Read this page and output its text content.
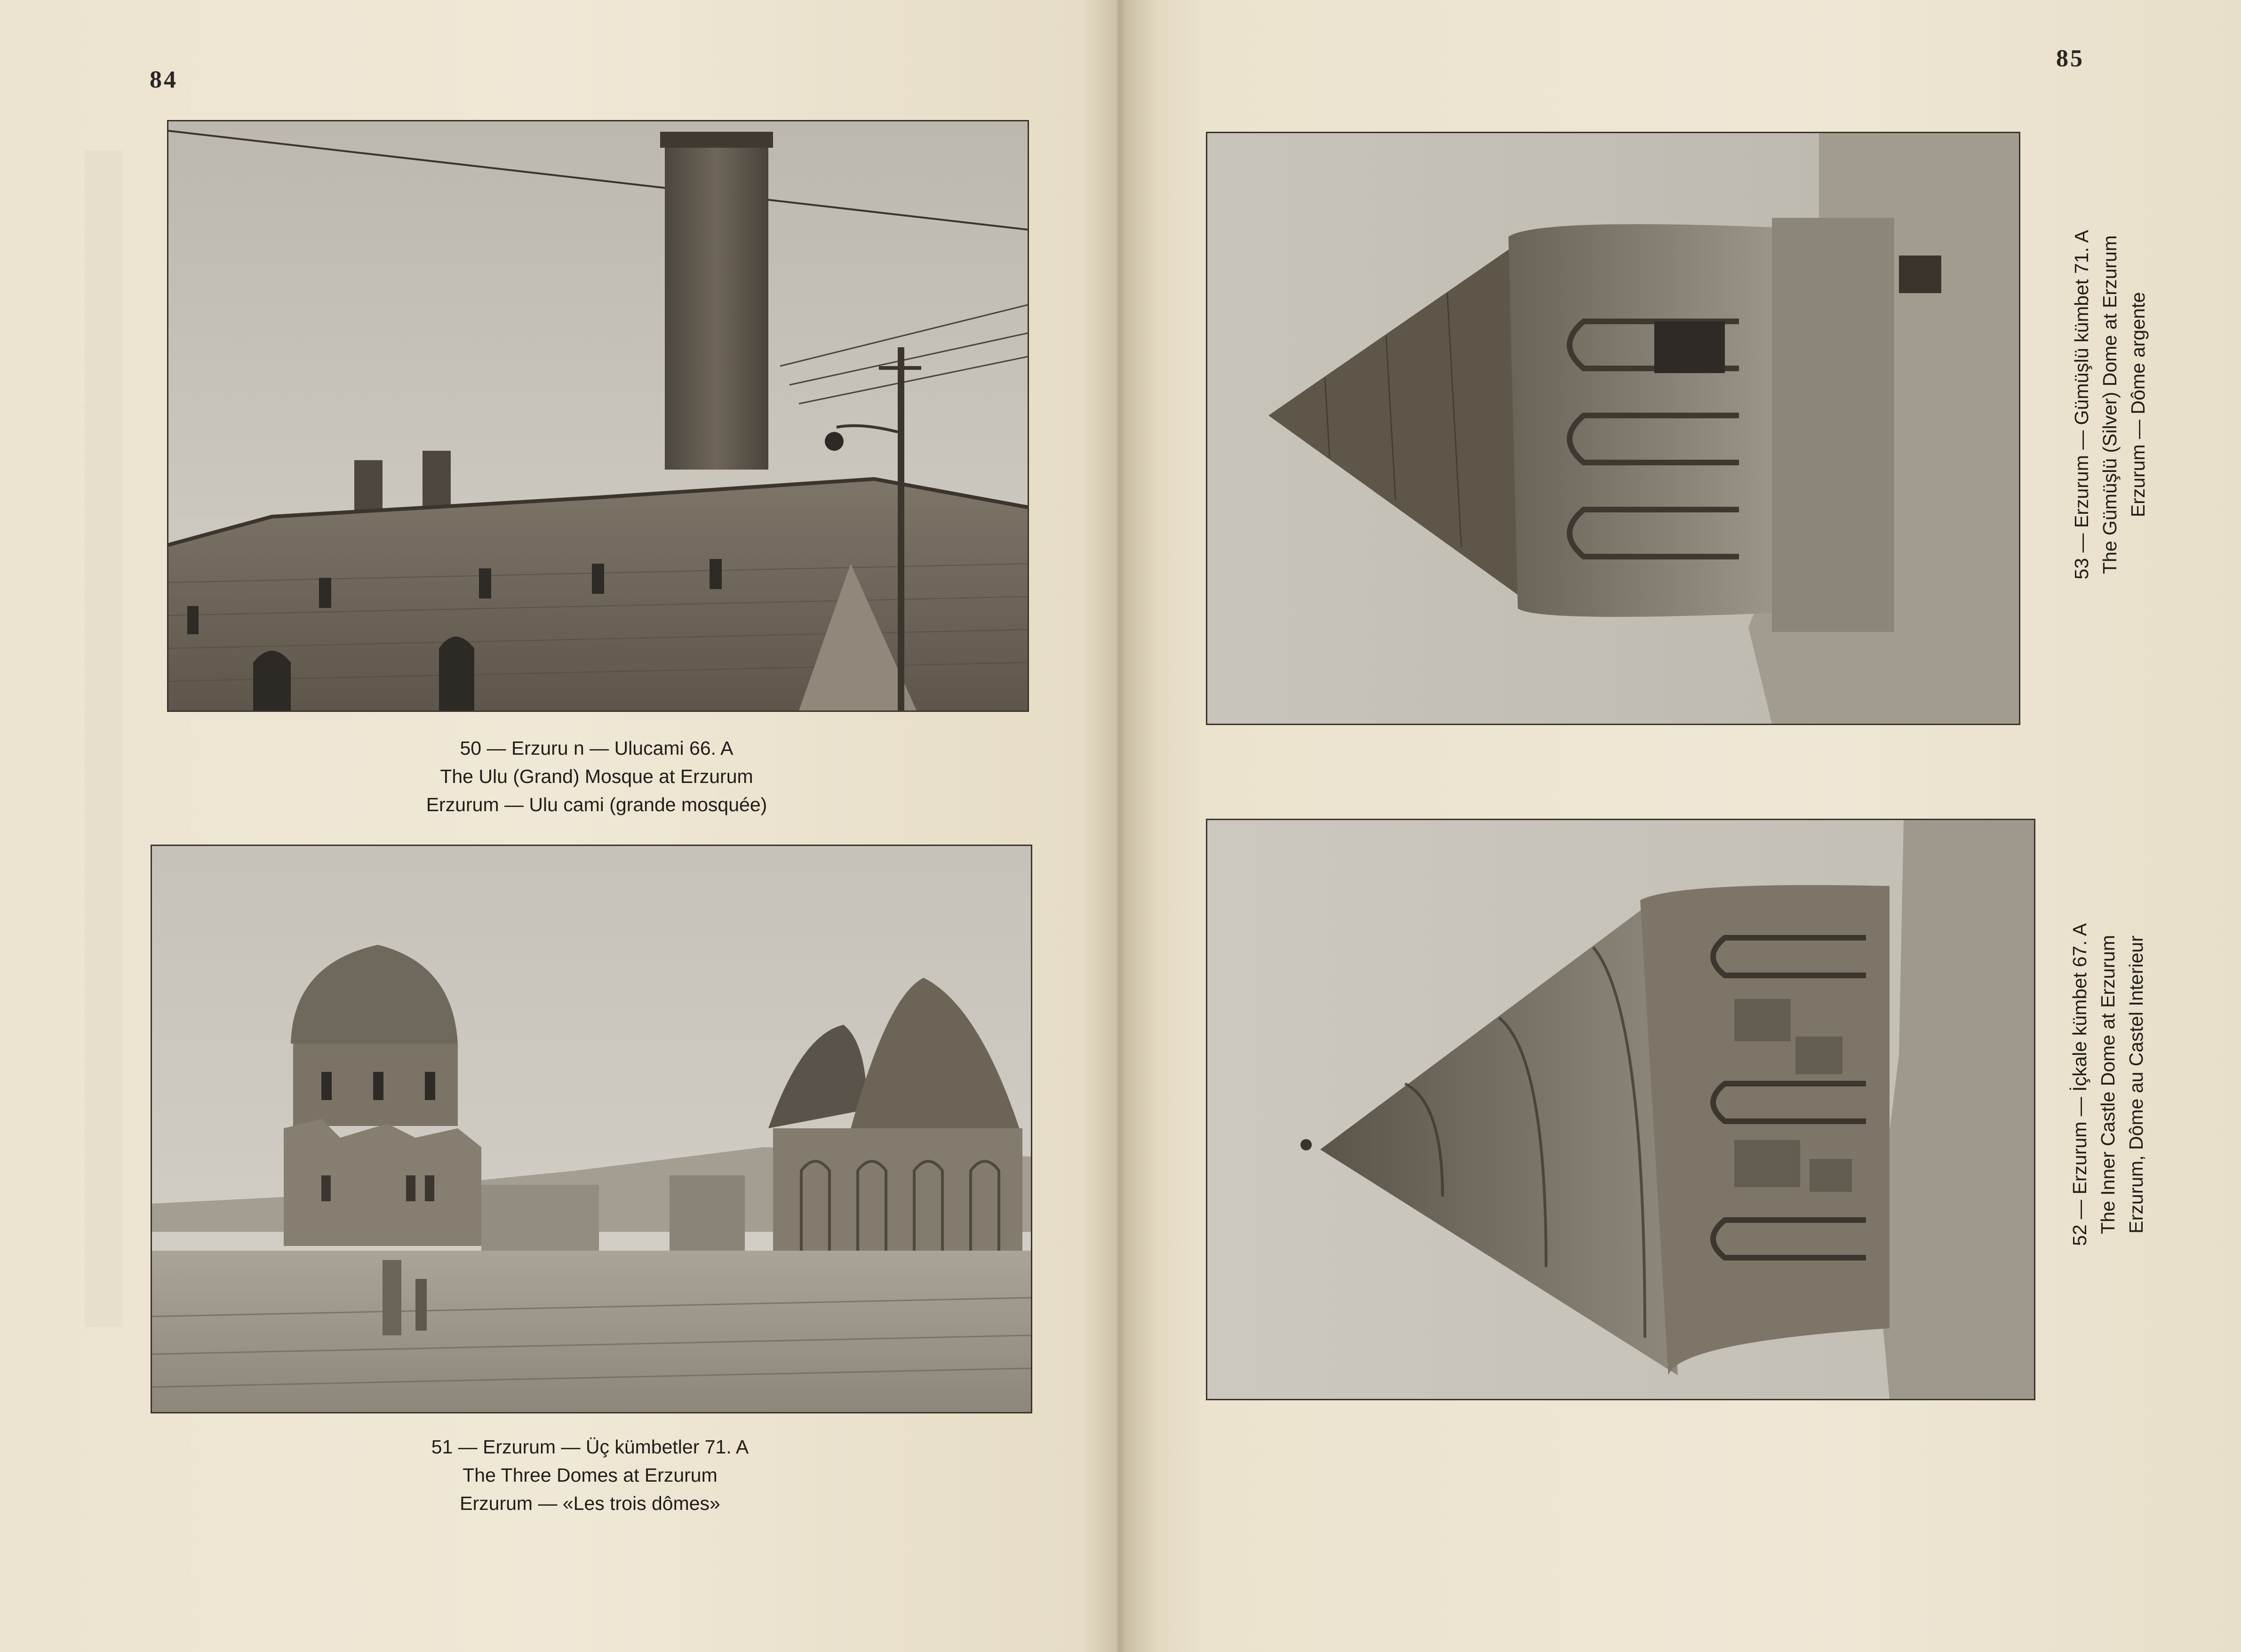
84
50 — Erzuru n — Ulucami 66. A
The Ulu (Grand) Mosque at Erzurum
Erzurum — Ulu cami (grande mosquée)
51 — Erzurum — Üç kümbetler 71. A
The Three Domes at Erzurum
Erzurum — «Les trois dômes»
85
53 — Erzurum — Gümüşlü kümbet 71. A The Gümüşlü (Silver) Dome at Erzurum Erzurum — Dôme argente
52 — Erzurum — İçkale kümbet 67. A The Inner Castle Dome at Erzurum Erzurum, Dôme au Castel Interieur
